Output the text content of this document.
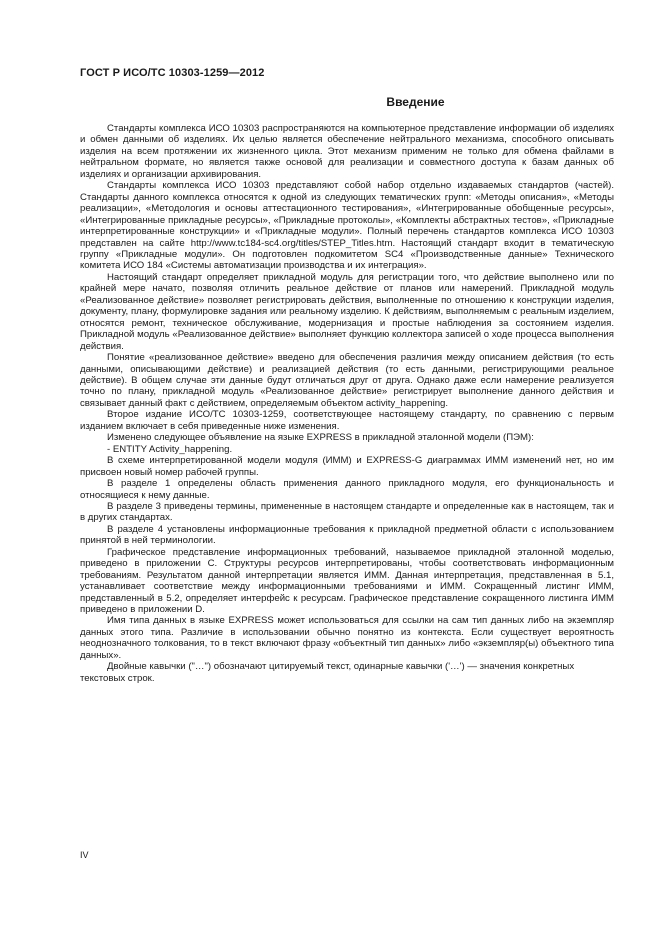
ГОСТ Р ИСО/ТС 10303-1259—2012
Введение

Стандарты комплекса ИСО 10303 распространяются на компьютерное представление информации об изделиях и обмен данными об изделиях. Их целью является обеспечение нейтрального механизма, способного описывать изделия на всем протяжении их жизненного цикла. Этот механизм применим не только для обмена файлами в нейтральном формате, но является также основой для реализации и совместного доступа к базам данных об изделиях и организации архивирования.

Стандарты комплекса ИСО 10303 представляют собой набор отдельно издаваемых стандартов (частей). Стандарты данного комплекса относятся к одной из следующих тематических групп: «Методы описания», «Методы реализации», «Методология и основы аттестационного тестирования», «Интегрированные обобщенные ресурсы», «Интегрированные прикладные ресурсы», «Прикладные протоколы», «Комплекты абстрактных тестов», «Прикладные интерпретированные конструкции» и «Прикладные модули». Полный перечень стандартов комплекса ИСО 10303 представлен на сайте http://www.tc184-sc4.org/titles/STEP_Titles.htm. Настоящий стандарт входит в тематическую группу «Прикладные модули». Он подготовлен подкомитетом SC4 «Производственные данные» Технического комитета ИСО 184 «Системы автоматизации производства и их интеграция».

Настоящий стандарт определяет прикладной модуль для регистрации того, что действие выполнено или по крайней мере начато, позволяя отличить реальное действие от планов или намерений. Прикладной модуль «Реализованное действие» позволяет регистрировать действия, выполненные по отношению к конструкции изделия, документу, плану, формулировке задания или реальному изделию. К действиям, выполняемым с реальным изделием, относятся ремонт, техническое обслуживание, модернизация и простые наблюдения за состоянием изделия. Прикладной модуль «Реализованное действие» выполняет функцию коллектора записей о ходе процесса выполнения действия.

Понятие «реализованное действие» введено для обеспечения различия между описанием действия (то есть данными, описывающими действие) и реализацией действия (то есть данными, регистрирующими реальное действие). В общем случае эти данные будут отличаться друг от друга. Однако даже если намерение реализуется точно по плану, прикладной модуль «Реализованное действие» регистрирует выполнение данного действия и связывает данный факт с действием, определяемым объектом activity_happening.

Второе издание ИСО/ТС 10303-1259, соответствующее настоящему стандарту, по сравнению с первым изданием включает в себя приведенные ниже изменения.

Изменено следующее объявление на языке EXPRESS в прикладной эталонной модели (ПЭМ):

- ENTITY Activity_happening.

В схеме интерпретированной модели модуля (ИММ) и EXPRESS-G диаграммах ИММ изменений нет, но им присвоен новый номер рабочей группы.

В разделе 1 определены область применения данного прикладного модуля, его функциональность и относящиеся к нему данные.

В разделе 3 приведены термины, примененные в настоящем стандарте и определенные как в настоящем, так и в других стандартах.

В разделе 4 установлены информационные требования к прикладной предметной области с использованием принятой в ней терминологии.

Графическое представление информационных требований, называемое прикладной эталонной моделью, приведено в приложении С. Структуры ресурсов интерпретированы, чтобы соответствовать информационным требованиям. Результатом данной интерпретации является ИММ. Данная интерпретация, представленная в 5.1, устанавливает соответствие между информационными требованиями и ИММ. Сокращенный листинг ИММ, представленный в 5.2, определяет интерфейс к ресурсам. Графическое представление сокращенного листинга ИММ приведено в приложении D.

Имя типа данных в языке EXPRESS может использоваться для ссылки на сам тип данных либо на экземпляр данных этого типа. Различие в использовании обычно понятно из контекста. Если существует вероятность неоднозначного толкования, то в текст включают фразу «объектный тип данных» либо «экземпляр(ы) объектного типа данных».

Двойные кавычки ("…") обозначают цитируемый текст, одинарные кавычки ('…') — значения конкретных текстовых строк.

IV
